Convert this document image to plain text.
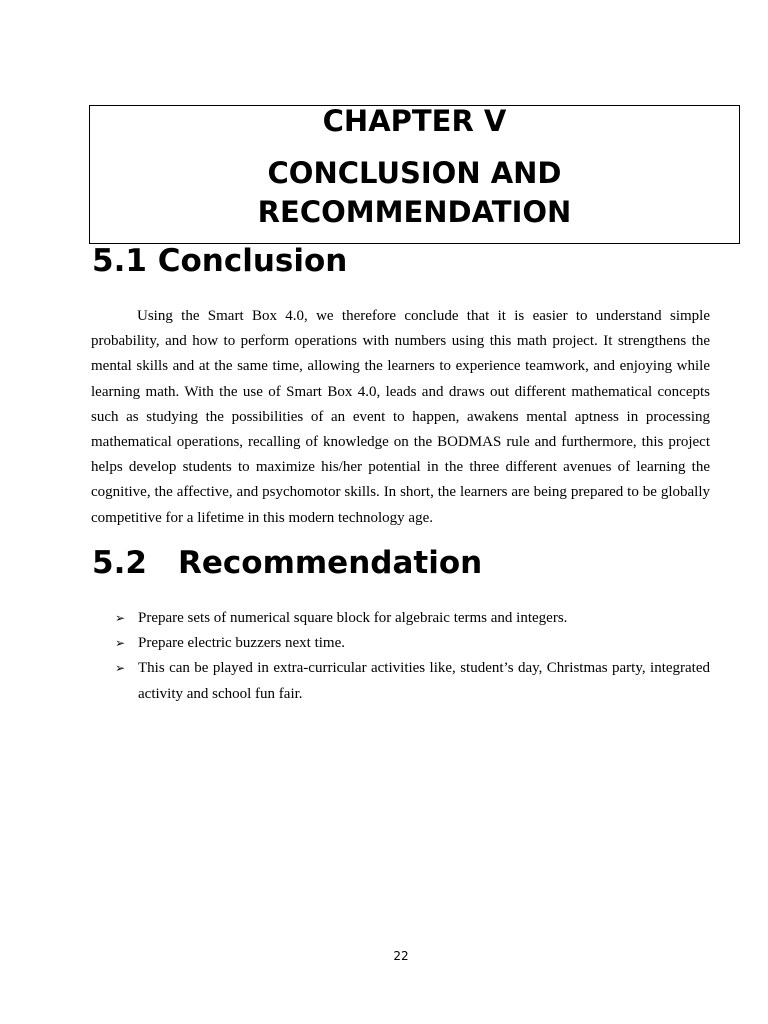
CHAPTER V
CONCLUSION AND
RECOMMENDATION
5.1 Conclusion

Using the Smart Box 4.0, we therefore conclude that it is easier to understand simple probability, and how to perform operations with numbers using this math project. It strengthens the mental skills and at the same time, allowing the learners to experience teamwork, and enjoying while learning math. With the use of Smart Box 4.0, leads and draws out different mathematical concepts such as studying the possibilities of an event to happen, awakens mental aptness in processing mathematical operations, recalling of knowledge on the BODMAS rule and furthermore, this project helps develop students to maximize his/her potential in the three different avenues of learning the cognitive, the affective, and psychomotor skills. In short, the learners are being prepared to be globally competitive for a lifetime in this modern technology age.

5.2 Recommendation
➢ Prepare sets of numerical square block for algebraic terms and integers.
➢ Prepare electric buzzers next time.
➢ This can be played in extra-curricular activities like, student’s day, Christmas party, integrated activity and school fun fair.

22
